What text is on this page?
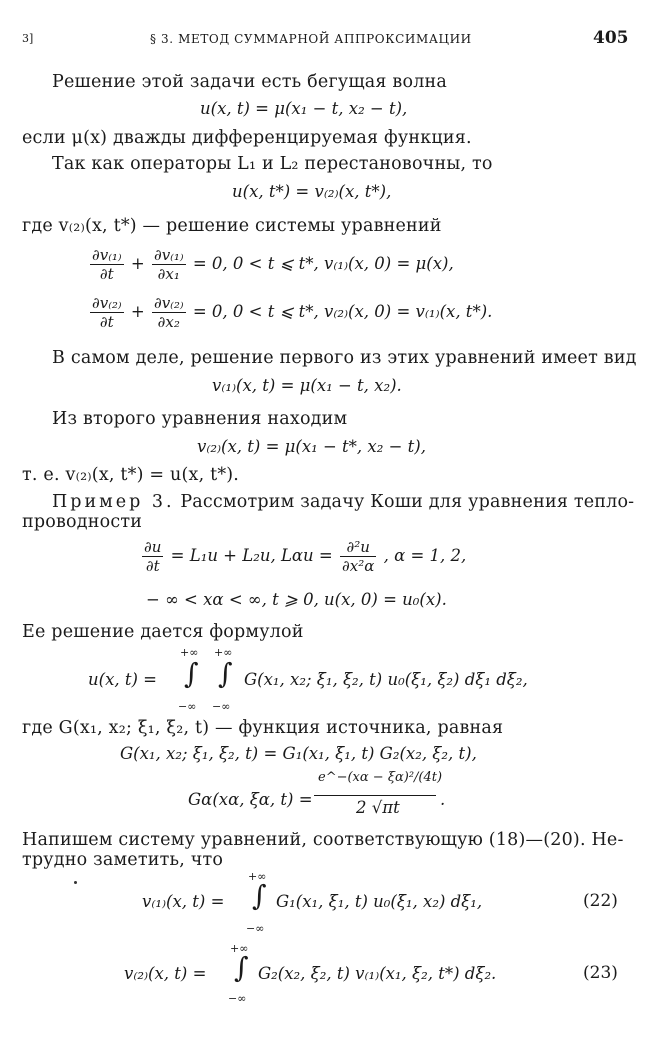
3]	§ 3. МЕТОД СУММАРНОЙ АППРОКСИМАЦИИ	405
Решение этой задачи есть бегущая волна
u(x, t) = μ(x₁ − t, x₂ − t),
если μ(x) дважды дифференцируемая функция.
Так как операторы L₁ и L₂ перестановочны, то
u(x, t*) = v₍₂₎(x, t*),
где v₍₂₎(x, t*) — решение системы уравнений
$\frac{\text{∂v₍₁₎}}{\partial t} + \frac{\text{∂v₍₁₎}}{\text{∂x₁}} = 0$, 0 < t ⩽ t*, v₍₁₎(x, 0) = μ(x),
$\frac{\text{∂v₍₂₎}}{\partial t} + \frac{\text{∂v₍₂₎}}{\text{∂x₂}} = 0$, 0 < t ⩽ t*, v₍₂₎(x, 0) = v₍₁₎(x, t*).
В самом деле, решение первого из этих уравнений имеет вид
v₍₁₎(x, t) = μ(x₁ − t, x₂).
Из второго уравнения находим
v₍₂₎(x, t) = μ(x₁ − t*, x₂ − t),
т. е. v₍₂₎(x, t*) = u(x, t*).
Пример 3. Рассмотрим задачу Коши для уравнения тепло-
проводности
$\frac{\partial u}{\partial t} = L_1u + L_2u$, $L\alpha u = \frac{\text{∂²u}}{\text{∂x²α}}$ , α = 1, 2,
− ∞ < xα < ∞, t ⩾ 0, u(x, 0) = u₀(x).
Ее решение дается формулой
+∞ +∞
u(x, t) = ∫ ∫ G(x₁, x₂; ξ₁, ξ₂, t) u₀(ξ₁, ξ₂) dξ₁ dξ₂,
−∞ −∞
где G(x₁, x₂; ξ₁, ξ₂, t) — функция источника, равная
G(x₁, x₂; ξ₁, ξ₂, t) = G₁(x₁, ξ₁, t) G₂(x₂, ξ₂, t),
Gα(xα, ξα, t) =
e^−(xα − ξα)²/(4t)
2 √πt .
Напишем систему уравнений, соответствующую (18)—(20). Не-
трудно заметить, что
+∞
v₍₁₎(x, t) = ∫ G₁(x₁, ξ₁, t) u₀(ξ₁, x₂) dξ₁,	(22)
−∞
+∞
v₍₂₎(x, t) = ∫ G₂(x₂, ξ₂, t) v₍₁₎(x₁, ξ₂, t*) dξ₂.	(23)
−∞
